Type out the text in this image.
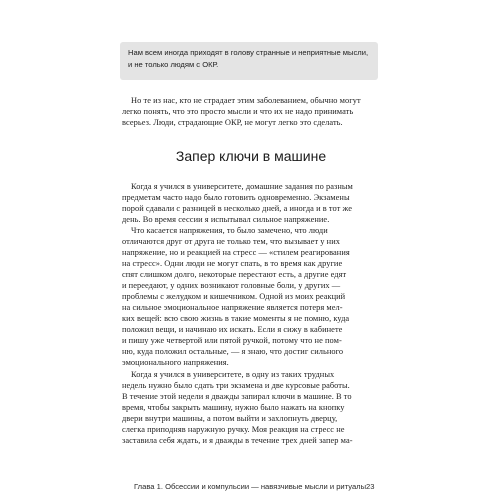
Нам всем иногда приходят в голову странные и неприятные мысли,
и не только людям с ОКР.
Но те из нас, кто не страдает этим заболеванием, обычно могут
легко понять, что это просто мысли и что их не надо принимать
всерьез. Люди, страдающие ОКР, не могут легко это сделать.
Запер ключи в машине
Когда я учился в университете, домашние задания по разным
предметам часто надо было готовить одновременно. Экзамены
порой сдавали с разницей в несколько дней, а иногда и в тот же
день. Во время сессии я испытывал сильное напряжение.
Что касается напряжения, то было замечено, что люди
отличаются друг от друга не только тем, что вызывает у них
напряжение, но и реакцией на стресс — «стилем реагирования
на стресс». Одни люди не могут спать, в то время как другие
спят слишком долго, некоторые перестают есть, а другие едят
и переедают, у одних возникают головные боли, у других —
проблемы с желудком и кишечником. Одной из моих реакций
на сильное эмоциональное напряжение является потеря мел-
ких вещей: всю свою жизнь в такие моменты я не помню, куда
положил вещи, и начинаю их искать. Если я сижу в кабинете
и пишу уже четвертой или пятой ручкой, потому что не пом-
ню, куда положил остальные, — я знаю, что достиг сильного
эмоционального напряжения.
Когда я учился в университете, в одну из таких трудных
недель нужно было сдать три экзамена и две курсовые работы.
В течение этой недели я дважды запирал ключи в машине. В то
время, чтобы закрыть машину, нужно было нажать на кнопку
двери внутри машины, а потом выйти и захлопнуть дверцу,
слегка приподняв наружную ручку. Моя реакция на стресс не
заставила себя ждать, и я дважды в течение трех дней запер ма-
Глава 1. Обсессии и компульсии — навязчивые мысли и ритуалы 23
